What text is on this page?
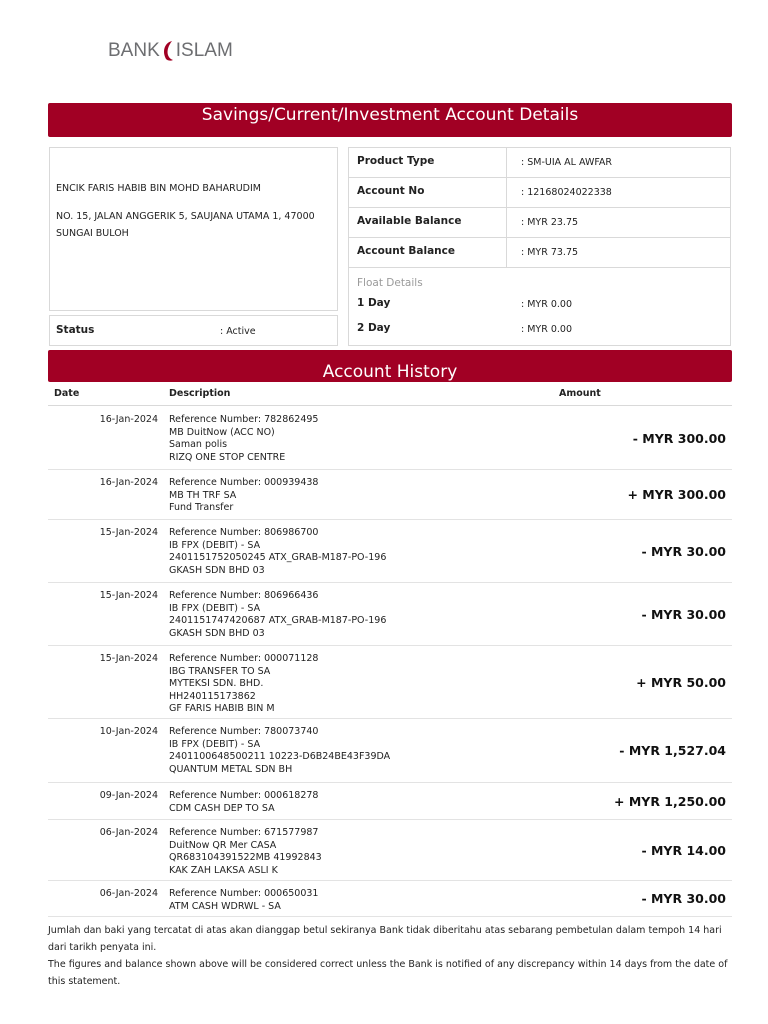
BANK ISLAM
Savings/Current/Investment Account Details
ENCIK FARIS HABIB BIN MOHD BAHARUDIM
NO. 15, JALAN ANGGERIK 5, SAUJANA UTAMA 1, 47000
SUNGAI BULOH
Status	: Active
Product Type	: SM-UIA AL AWFAR
Account No	: 12168024022338
Available Balance	: MYR 23.75
Account Balance	: MYR 73.75
Float Details
1 Day	: MYR 0.00
2 Day	: MYR 0.00
Account History
Date	Description	Amount
16-Jan-2024 Reference Number: 782862495
MB DuitNow (ACC NO)
Saman polis
RIZQ ONE STOP CENTRE
- MYR 300.00
16-Jan-2024 Reference Number: 000939438
MB TH TRF SA
Fund Transfer
+ MYR 300.00
15-Jan-2024 Reference Number: 806986700
IB FPX (DEBIT) - SA
2401151752050245 ATX_GRAB-M187-PO-196
GKASH SDN BHD 03
- MYR 30.00
15-Jan-2024 Reference Number: 806966436
IB FPX (DEBIT) - SA
2401151747420687 ATX_GRAB-M187-PO-196
GKASH SDN BHD 03
- MYR 30.00
15-Jan-2024 Reference Number: 000071128
IBG TRANSFER TO SA
MYTEKSI SDN. BHD.
HH240115173862
GF FARIS HABIB BIN M
+ MYR 50.00
10-Jan-2024 Reference Number: 780073740
IB FPX (DEBIT) - SA
2401100648500211 10223-D6B24BE43F39DA
QUANTUM METAL SDN BH
- MYR 1,527.04
09-Jan-2024 Reference Number: 000618278
CDM CASH DEP TO SA	+ MYR 1,250.00
06-Jan-2024 Reference Number: 671577987
DuitNow QR Mer CASA
QR683104391522MB 41992843
KAK ZAH LAKSA ASLI K
- MYR 14.00
06-Jan-2024 Reference Number: 000650031
ATM CASH WDRWL - SA
- MYR 30.00
Jumlah dan baki yang tercatat di atas akan dianggap betul sekiranya Bank tidak diberitahu atas sebarang pembetulan dalam tempoh 14 hari dari tarikh penyata ini.
The figures and balance shown above will be considered correct unless the Bank is notified of any discrepancy within 14 days from the date of this statement.
